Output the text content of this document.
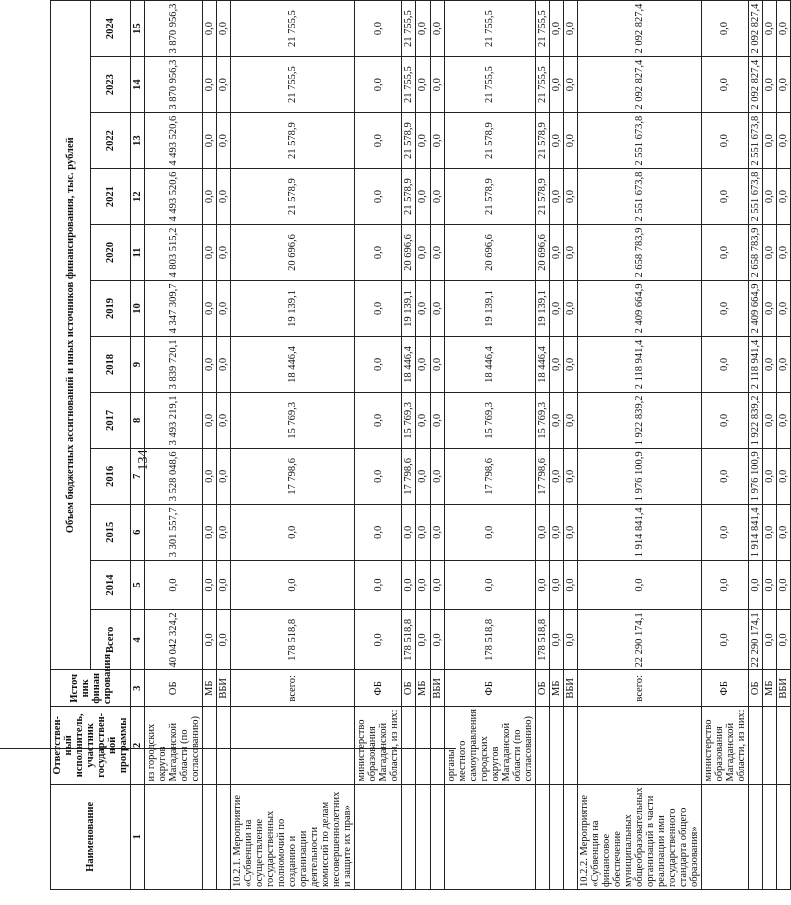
134
Наименование	Ответствен-ный исполнитель, участник государствен-ной программы	Источ ник финан сирования	Объем бюджетных ассигнований и иных источников финансирования, тыс. рублей											
			Всего	2014	2015	2016	2017	2018	2019	2020	2021	2022	2023	2024
1	2	3	4	5	6	7	8	9	10	11	12	13	14	15
	из городских округов Магаданской области (по согласованию)	ОБ	40 042 324,2	0,0	3 301 557,7	3 528 048,6	3 493 219,1	3 839 720,1	4 347 309,7	4 803 515,2	4 493 520,6	4 493 520,6	3 870 956,3	3 870 956,3
		МБ	0,0	0,0	0,0	0,0	0,0	0,0	0,0	0,0	0,0	0,0	0,0	0,0
		ВБИ	0,0	0,0	0,0	0,0	0,0	0,0	0,0	0,0	0,0	0,0	0,0	0,0
10.2.1. Мероприятие «Субвенции на осуществление государственных полномочий по созданию и организации деятельности комиссий по делам несовершеннолетних и защите их прав»		всего:	178 518,8	0,0	0,0	17 798,6	15 769,3	18 446,4	19 139,1	20 696,6	21 578,9	21 578,9	21 755,5	21 755,5
	министерство образования Магаданской области, из них:	ФБ	0,0	0,0	0,0	0,0	0,0	0,0	0,0	0,0	0,0	0,0	0,0	0,0
		ОБ	178 518,8	0,0	0,0	17 798,6	15 769,3	18 446,4	19 139,1	20 696,6	21 578,9	21 578,9	21 755,5	21 755,5
		МБ	0,0	0,0	0,0	0,0	0,0	0,0	0,0	0,0	0,0	0,0	0,0	0,0
		ВБИ	0,0	0,0	0,0	0,0	0,0	0,0	0,0	0,0	0,0	0,0	0,0	0,0
	органы местного самоуправления городских округов Магаданской области (по согласованию)	ФБ	178 518,8	0,0	0,0	17 798,6	15 769,3	18 446,4	19 139,1	20 696,6	21 578,9	21 578,9	21 755,5	21 755,5
		ОБ	178 518,8	0,0	0,0	17 798,6	15 769,3	18 446,4	19 139,1	20 696,6	21 578,9	21 578,9	21 755,5	21 755,5
		МБ	0,0	0,0	0,0	0,0	0,0	0,0	0,0	0,0	0,0	0,0	0,0	0,0
		ВБИ	0,0	0,0	0,0	0,0	0,0	0,0	0,0	0,0	0,0	0,0	0,0	0,0
10.2.2. Мероприятие «Субвенция на финансовое обеспечение муниципальных общеобразовательных организаций в части реализации ими государственного стандарта общего образования»		всего:	22 290 174,1	0,0	1 914 841,4	1 976 100,9	1 922 839,2	2 118 941,4	2 409 664,9	2 658 783,9	2 551 673,8	2 551 673,8	2 092 827,4	2 092 827,4
	министерство образования Магаданской области, из них:	ФБ	0,0	0,0	0,0	0,0	0,0	0,0	0,0	0,0	0,0	0,0	0,0	0,0
		ОБ	22 290 174,1	0,0	1 914 841,4	1 976 100,9	1 922 839,2	2 118 941,4	2 409 664,9	2 658 783,9	2 551 673,8	2 551 673,8	2 092 827,4	2 092 827,4
		МБ	0,0	0,0	0,0	0,0	0,0	0,0	0,0	0,0	0,0	0,0	0,0	0,0
		ВБИ	0,0	0,0	0,0	0,0	0,0	0,0	0,0	0,0	0,0	0,0	0,0	0,0
